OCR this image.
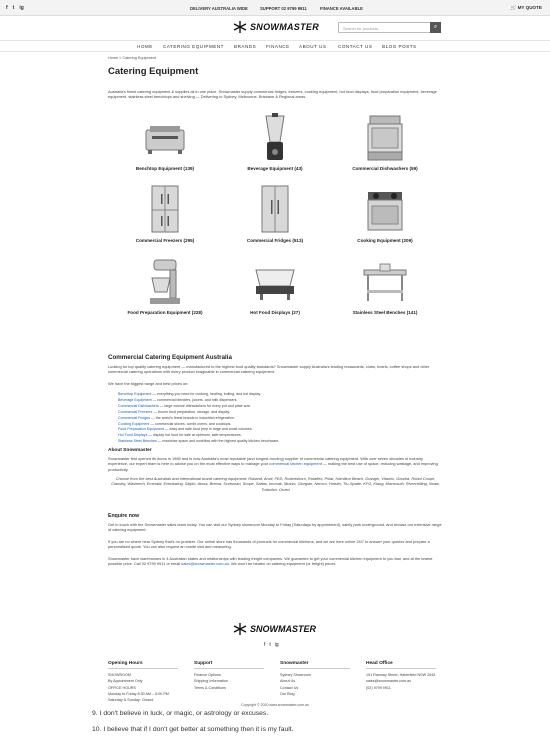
f t ig	DELIVERY AUSTRALIA WIDE	SUPPORT 02 9799 9911	FINANCE AVAILABLE	🛒 MY QUOTE
SNOWMASTER	Search for products...	⌕
HOME CATERING EQUIPMENT BRANDS FINANCE ABOUT US	CONTACT US BLOG POSTS
Home > Catering Equipment
Catering Equipment
Australia's finest catering equipment & supplies all in one place. Snowmaster supply commercial fridges, freezers, cooking equipment, hot food displays, food preparation equipment, beverage equipment, stainless steel benchtops and shelving — Delivering to Sydney, Melbourne, Brisbane & Regional areas.
Benchtop Equipment (139)	Beverage Equipment (43)	Commercial Dishwashers (59)
Commercial Freezers (295)	Commercial Fridges (513)	Cooking Equipment (209)
Food Preparation Equipment (228)	Hot Food Displays (27)	Stainless Steel Benches (141)
Commercial Catering Equipment Australia
Looking for top quality catering equipment — manufactured to the highest food quality standards? Snowmaster supply Australia's leading restaurants, clubs, hotels, coffee shops and other commercial catering operations with every product imaginable in commercial catering equipment.
We have the biggest range and best prices on:
Benchtop Equipment — everything you need for cooking, heating, boiling, and hot display.
Beverage Equipment — commercial blenders, juicers, and milk dispensers.
Commercial Dishwashers — large volume dishwashers for every pot and plate size.
Commercial Freezers — frozen food preparation, storage, and display.
Commercial Fridges — the world's finest brands in industrial refrigeration.
Cooking Equipment — commercial stoves, combi ovens, and cooktops.
Food Preparation Equipment — easy and safe food prep in large and small volumes.
Hot Food Displays — display hot food for sale at optimum, safe temperatures.
Stainless Steel Benches — maximise space and workflow with the highest quality kitchen benchware.
About Snowmaster
Snowmaster first opened its doors in 1985 and is now Australia's most reputable (and longest-running) supplier of commercial catering equipment. With over seven decades of industry experience, our expert team is here to advise you on the most effective ways to manage your commercial kitchen equipment — making the best use of space, reducing wastage, and improving productivity.
Choose from the best Australian and international brand catering equipment: Roband, Anvil, FED, Robertshorn, Rotaflex, Polar, Hamilton Beach, Granger, Vitamix, Goodra, Robot Coupe, Classeq, Washtech, Emerald, Everlasting, Skipio, Atosa, Brema, Scotsman, Scope, Sattas, Inomak, Musso, Giorgian, Nemco, Holstin, Tru-Spade, KFG, Klaug, Macmouth, Riverchilling, Noaw, Turbofan, Orved
Enquire now
Get in touch with the Snowmaster sales team today. You can visit our Sydney showroom Monday to Friday (Saturdays by appointment), safely park underground, and browse our extensive range of catering equipment.
If you are no where near Sydney that's no problem. Our online store has thousands of products for commercial kitchens, and we are here online 24/7 to answer your queries and prepare a personalised quote. You can also request an onsite visit and measuring.
Snowmaster have warehouses in 4 Australian states and relationships with leading freight companies. We guarantee to get your commercial kitchen equipment to you fast, and at the lowest possible price. Call 02 9799 9911 or email sales@snowmaster.com.au. We won't be beaten on catering equipment (or freight) prices.
SNOWMASTER
f t ig
Opening Hours
SHOWROOM
By Appointment Only
OFFICE HOURS
Monday to Friday 8:30 AM – 5:00 PM
Saturday & Sunday: Closed
Support
Finance Options
Shipping Information
Terms & Conditions
Snowmaster
Sydney Showroom
About Us
Contact Us
Our Blog
Head Office
191 Ramsay Street, Haberfield NSW 2045
sales@snowmaster.com.au
(02) 9799 9911
Copyright © 2020 www.snowmaster.com.au
9. I don't believe in luck, or magic, or astrology or excuses.
10. I believe that if I don't get better at something then it is my fault.
